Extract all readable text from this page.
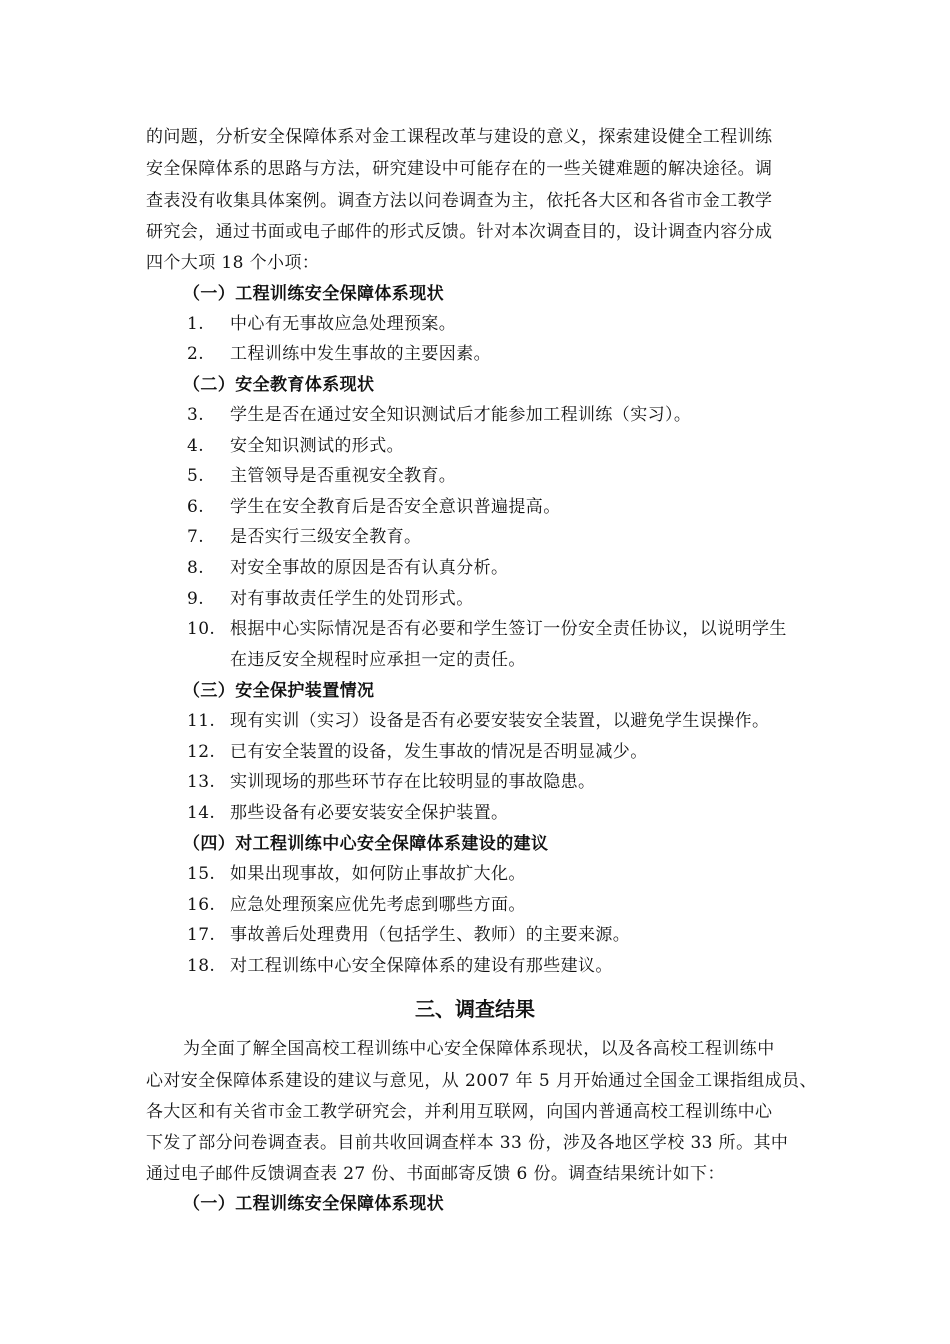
的问题，分析安全保障体系对金工课程改革与建设的意义，探索建设健全工程训练
安全保障体系的思路与方法，研究建设中可能存在的一些关键难题的解决途径。调
查表没有收集具体案例。调查方法以问卷调查为主，依托各大区和各省市金工教学
研究会，通过书面或电子邮件的形式反馈。针对本次调查目的，设计调查内容分成
四个大项 18 个小项：
（一）工程训练安全保障体系现状
1. 中心有无事故应急处理预案。
2. 工程训练中发生事故的主要因素。
（二）安全教育体系现状
3. 学生是否在通过安全知识测试后才能参加工程训练（实习）。
4. 安全知识测试的形式。
5. 主管领导是否重视安全教育。
6. 学生在安全教育后是否安全意识普遍提高。
7. 是否实行三级安全教育。
8. 对安全事故的原因是否有认真分析。
9. 对有事故责任学生的处罚形式。
10. 根据中心实际情况是否有必要和学生签订一份安全责任协议，以说明学生
在违反安全规程时应承担一定的责任。
（三）安全保护装置情况
11. 现有实训（实习）设备是否有必要安装安全装置，以避免学生误操作。
12. 已有安全装置的设备，发生事故的情况是否明显减少。
13. 实训现场的那些环节存在比较明显的事故隐患。
14. 那些设备有必要安装安全保护装置。
（四）对工程训练中心安全保障体系建设的建议
15. 如果出现事故，如何防止事故扩大化。
16. 应急处理预案应优先考虑到哪些方面。
17. 事故善后处理费用（包括学生、教师）的主要来源。
18. 对工程训练中心安全保障体系的建设有那些建议。
三、调查结果
为全面了解全国高校工程训练中心安全保障体系现状，以及各高校工程训练中
心对安全保障体系建设的建议与意见，从 2007 年 5 月开始通过全国金工课指组成员、
各大区和有关省市金工教学研究会，并利用互联网，向国内普通高校工程训练中心
下发了部分问卷调查表。目前共收回调查样本 33 份，涉及各地区学校 33 所。其中
通过电子邮件反馈调查表 27 份、书面邮寄反馈 6 份。调查结果统计如下：
（一）工程训练安全保障体系现状
